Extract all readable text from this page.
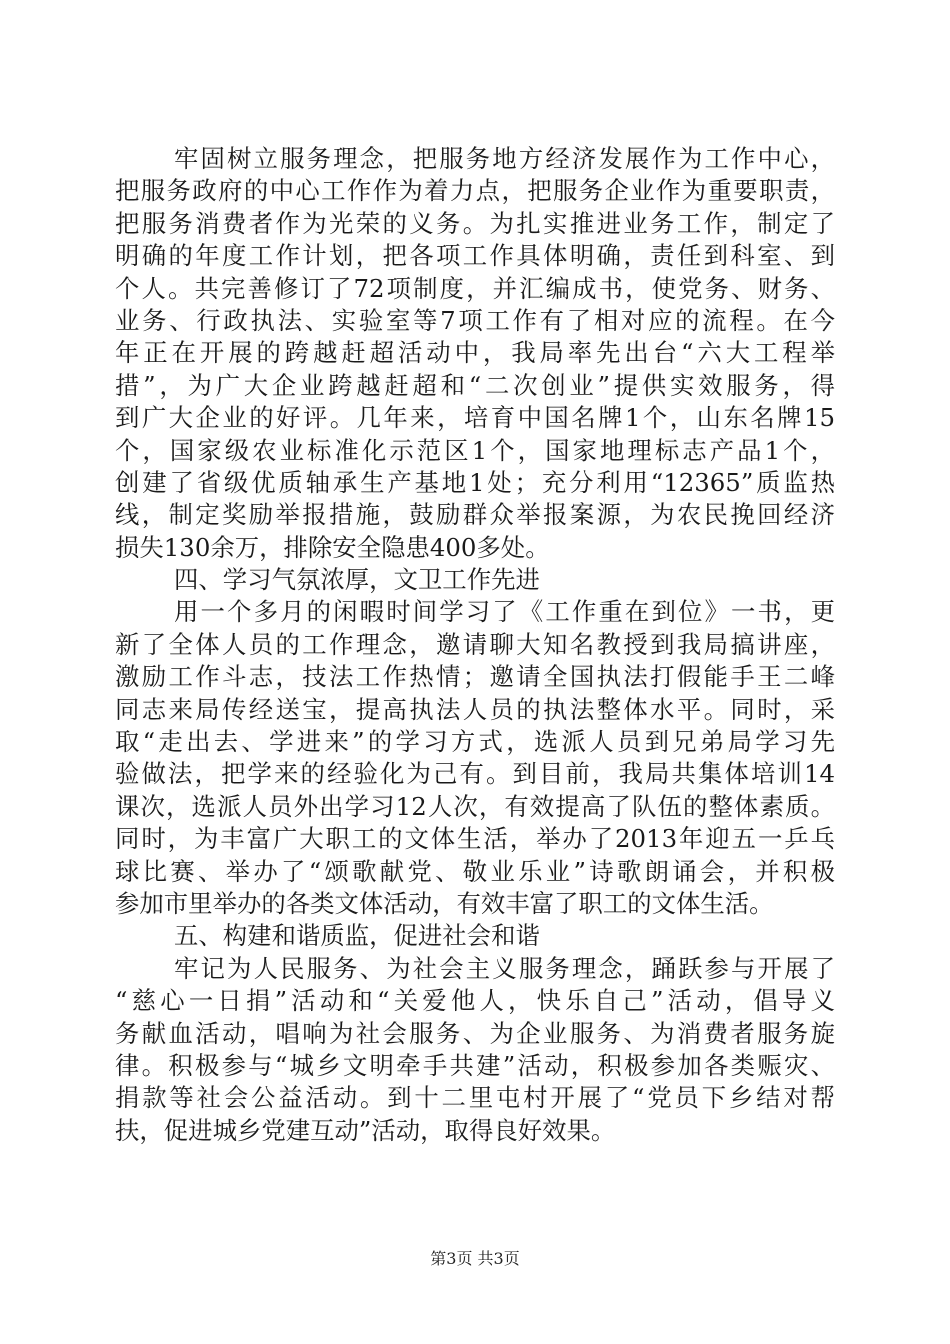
牢固树立服务理念，把服务地方经济发展作为工作中心，
把服务政府的中心工作作为着力点，把服务企业作为重要职责，
把服务消费者作为光荣的义务。为扎实推进业务工作，制定了
明确的年度工作计划，把各项工作具体明确，责任到科室、到
个人。共完善修订了72项制度，并汇编成书，使党务、财务、
业务、行政执法、实验室等7项工作有了相对应的流程。在今
年正在开展的跨越赶超活动中，我局率先出台“六大工程举
措”，为广大企业跨越赶超和“二次创业”提供实效服务，得
到广大企业的好评。几年来，培育中国名牌1个，山东名牌15
个，国家级农业标准化示范区1个，国家地理标志产品1个，
创建了省级优质轴承生产基地1处；充分利用“12365”质监热
线，制定奖励举报措施，鼓励群众举报案源，为农民挽回经济
损失130余万，排除安全隐患400多处。
四、学习气氛浓厚，文卫工作先进
用一个多月的闲暇时间学习了《工作重在到位》一书，更
新了全体人员的工作理念，邀请聊大知名教授到我局搞讲座，
激励工作斗志，技法工作热情；邀请全国执法打假能手王二峰
同志来局传经送宝，提高执法人员的执法整体水平。同时，采
取“走出去、学进来”的学习方式，选派人员到兄弟局学习先
验做法，把学来的经验化为己有。到目前，我局共集体培训14
课次，选派人员外出学习12人次，有效提高了队伍的整体素质。
同时，为丰富广大职工的文体生活，举办了2013年迎五一乒乓
球比赛、举办了“颂歌献党、敬业乐业”诗歌朗诵会，并积极
参加市里举办的各类文体活动，有效丰富了职工的文体生活。
五、构建和谐质监，促进社会和谐
牢记为人民服务、为社会主义服务理念，踊跃参与开展了
“慈心一日捐”活动和“关爱他人，快乐自己”活动，倡导义
务献血活动，唱响为社会服务、为企业服务、为消费者服务旋
律。积极参与“城乡文明牵手共建”活动，积极参加各类赈灾、
捐款等社会公益活动。到十二里屯村开展了“党员下乡结对帮
扶，促进城乡党建互动”活动，取得良好效果。
第3页 共3页
